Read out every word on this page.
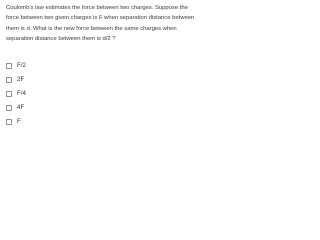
Coulomb's law estimates the force between two charges. Suppose the force between two given charges is F when separation distance between them is d. What is the new force between the same charges when separation distance between them is d/2 ?
F/2
2F
F/4
4F
F
